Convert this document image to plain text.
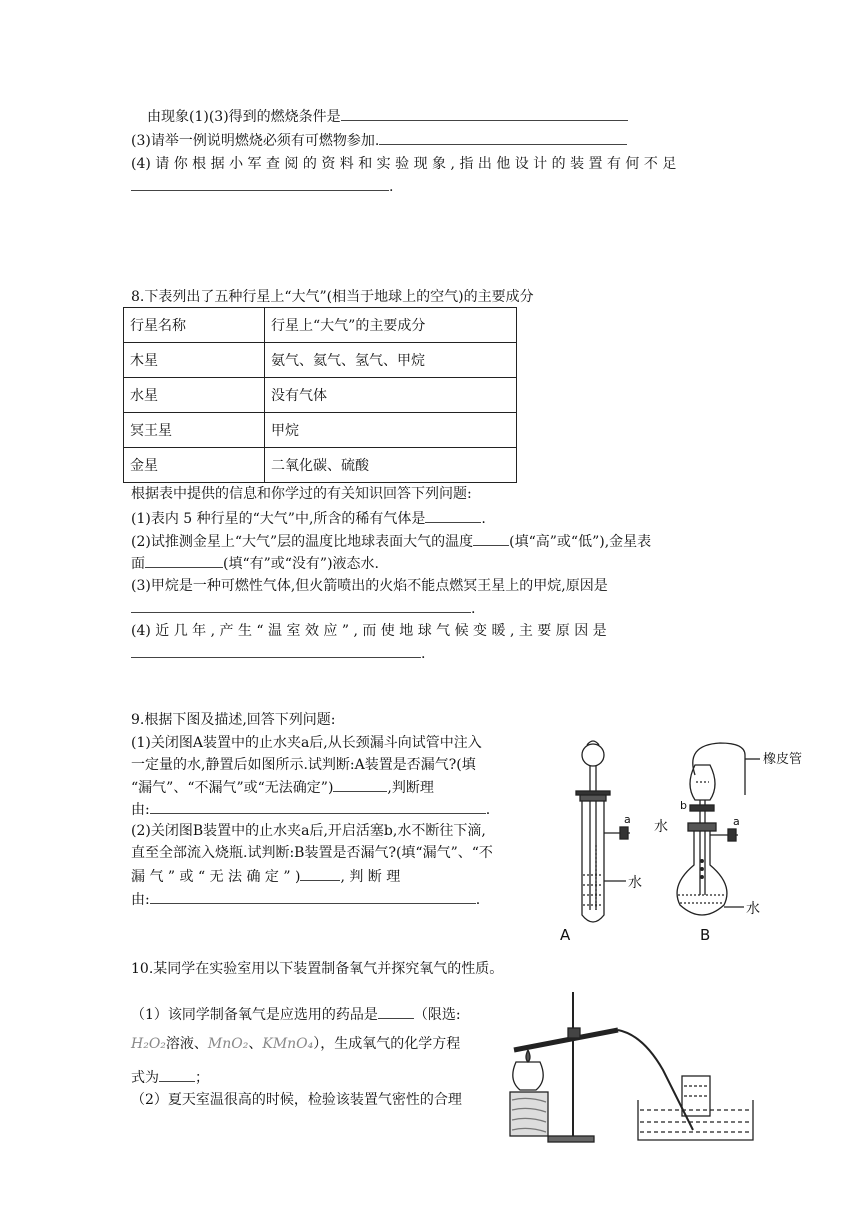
由现象(1)(3)得到的燃烧条件是
(3)请举一例说明燃烧必须有可燃物参加.
(4) 请 你 根 据 小 军 查 阅 的 资 料 和 实 验 现 象 , 指 出 他 设 计 的 装 置 有 何 不 足
.
8.下表列出了五种行星上“大气”(相当于地球上的空气)的主要成分
行星名称	行星上“大气”的主要成分
木星	氨气、氦气、氢气、甲烷
水星	没有气体
冥王星	甲烷
金星	二氧化碳、硫酸
根据表中提供的信息和你学过的有关知识回答下列问题:
(1)表内 5 种行星的“大气”中,所含的稀有气体是	.
(2)试推测金星上“大气”层的温度比地球表面大气的温度	(填“高”或“低”),金星表
面	(填“有”或“没有”)液态水.
(3)甲烷是一种可燃性气体,但火箭喷出的火焰不能点燃冥王星上的甲烷,原因是
.
(4) 近 几 年 , 产 生 “ 温 室 效 应 ” , 而 使 地 球 气 候 变 暖 , 主 要 原 因 是
.
9.根据下图及描述,回答下列问题:
(1)关闭图A装置中的止水夹a后,从长颈漏斗向试管中注入
一定量的水,静置后如图所示.试判断:A装置是否漏气?(填
“漏气”、“不漏气”或“无法确定”)	,判断理
由:	.
(2)关闭图B装置中的止水夹a后,开启活塞b,水不断往下滴,
直至全部流入烧瓶.试判断:B装置是否漏气?(填“漏气”、“不
漏 气 ” 或 “ 无 法 确 定 ” )	, 判 断 理
由:	.
a
水
A
橡皮管
水
b
a
水
B
10.某同学在实验室用以下装置制备氧气并探究氧气的性质。
（1）该同学制备氧气是应选用的药品是	（限选:
H₂O₂溶液、MnO₂、KMnO₄），生成氧气的化学方程
式为	；
（2）夏天室温很高的时候，检验该装置气密性的合理
